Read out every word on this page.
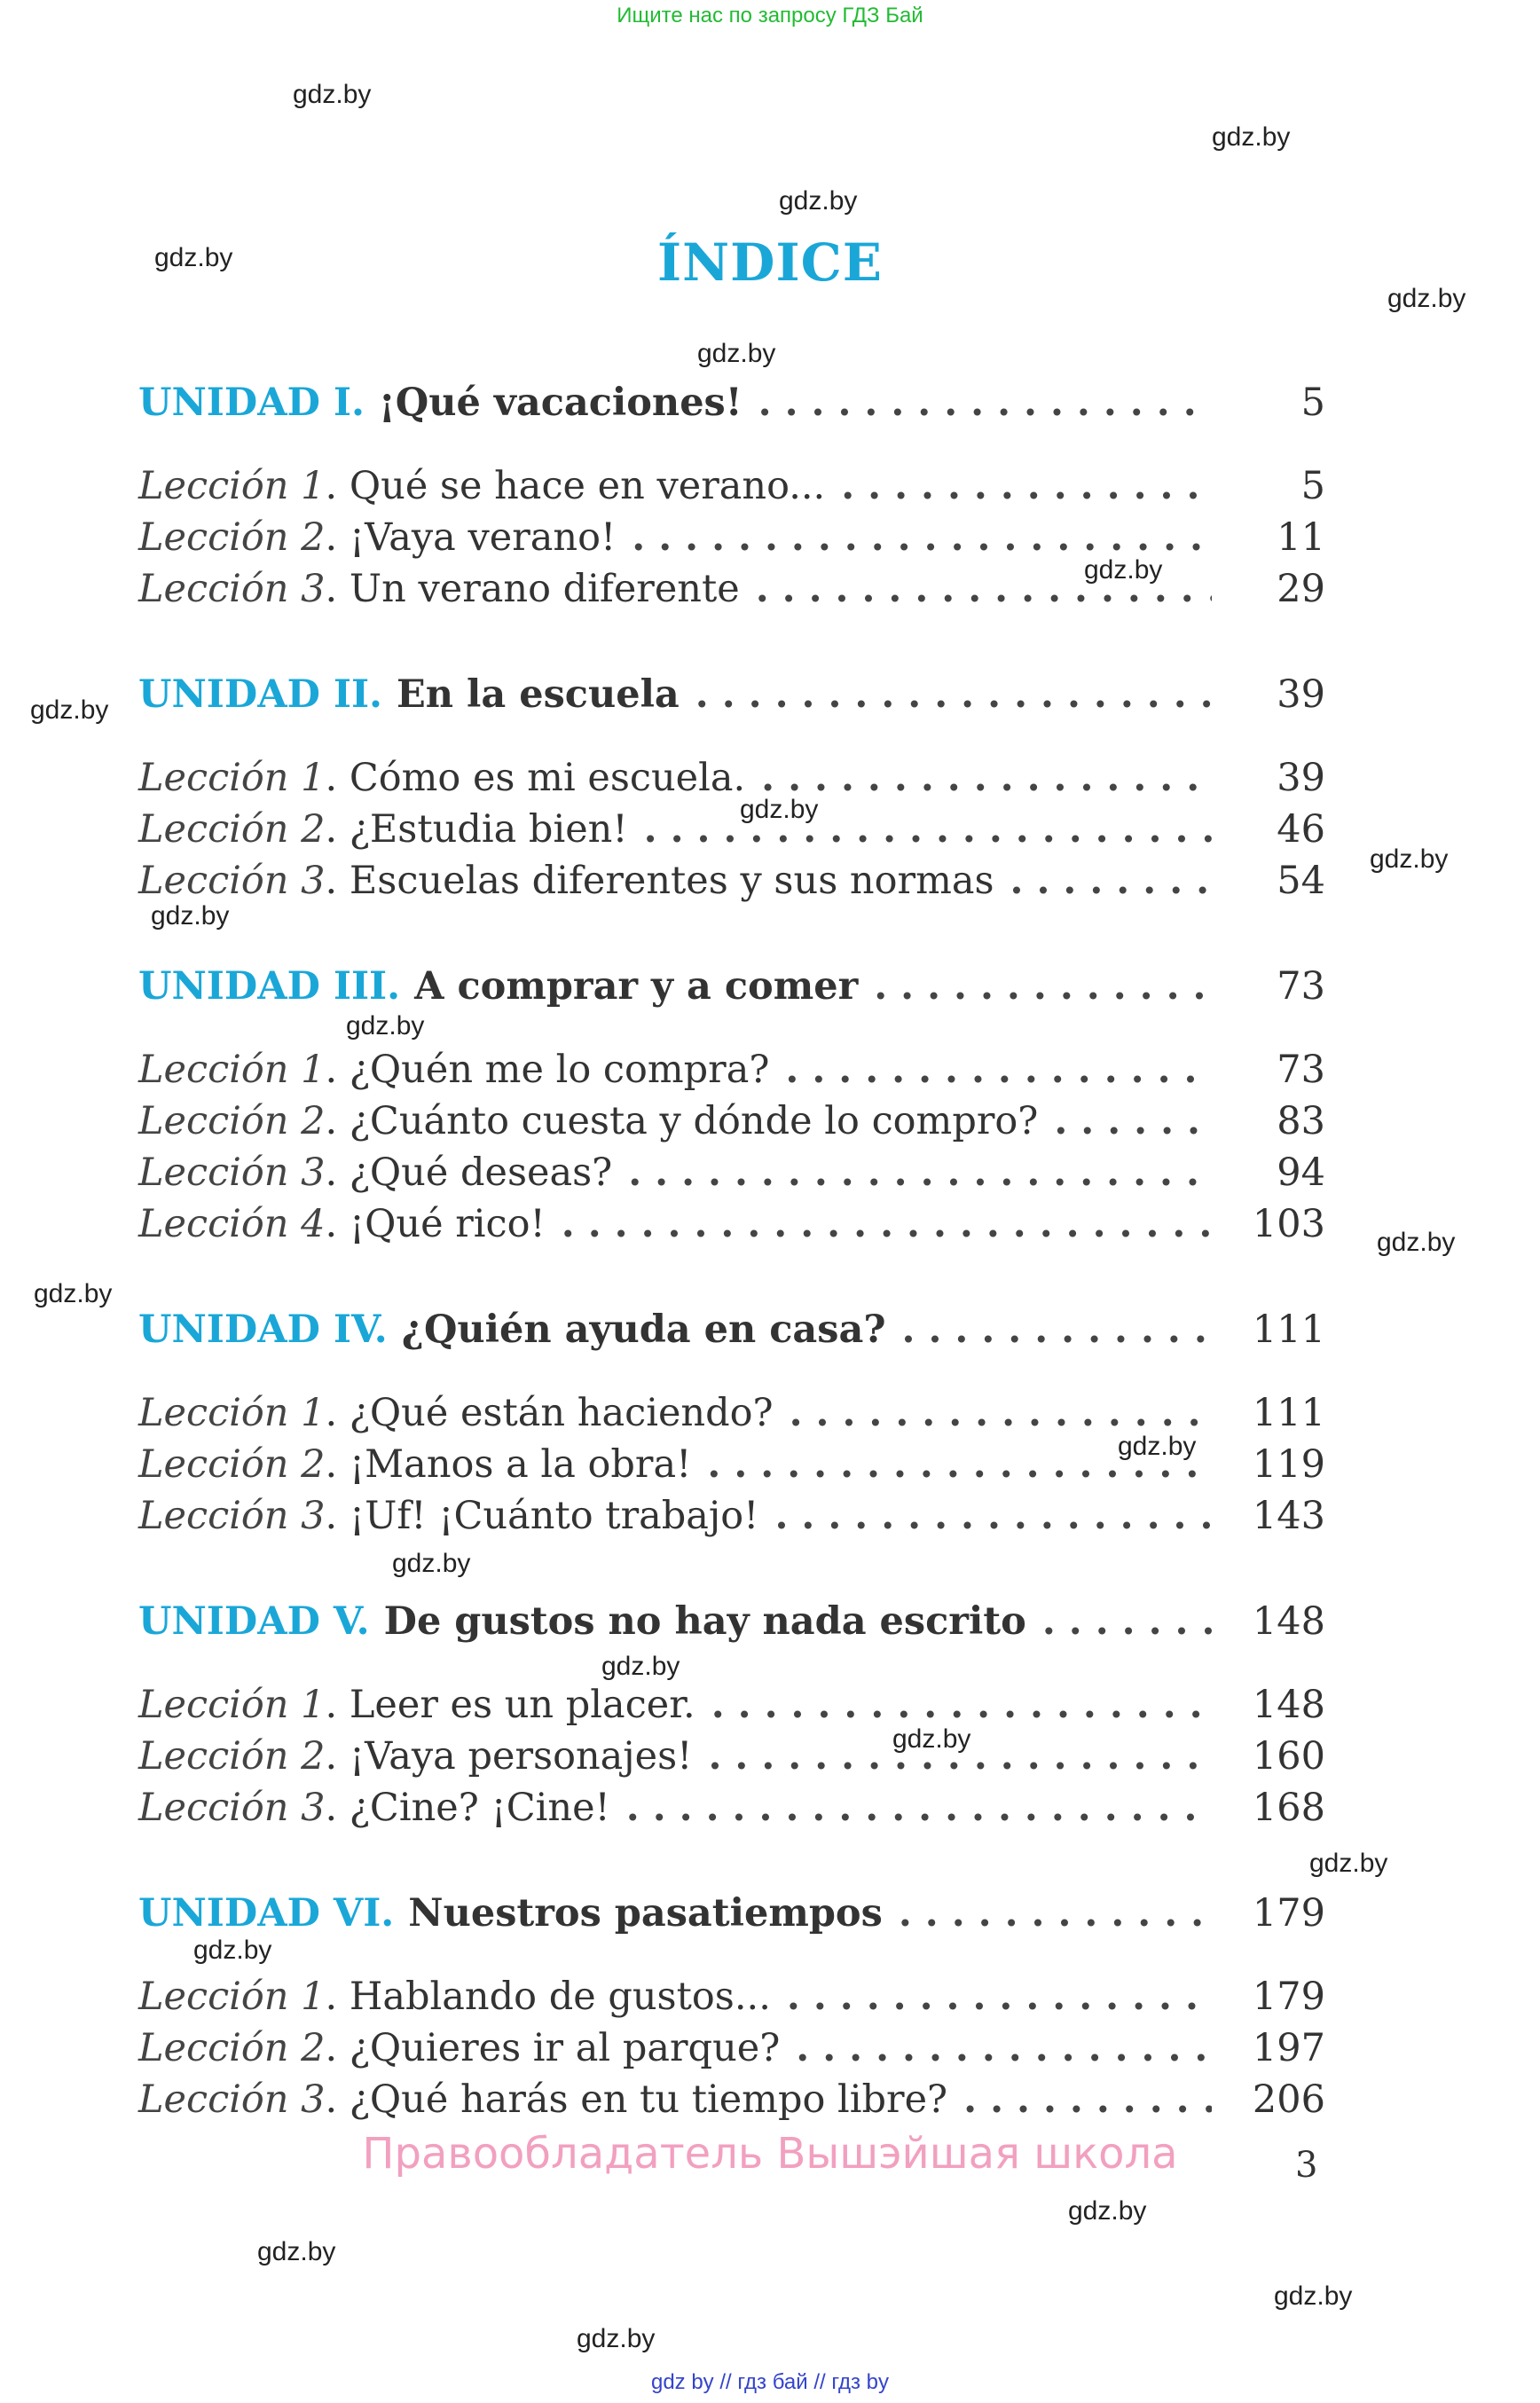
Ищите нас по запросу ГДЗ Бай
ÍNDICE
UNIDAD I. ¡Qué vacaciones! . . .	5
Lección 1 . Qué se hace en verano... . . .	5
Lección 2 . ¡Vaya verano! . . .	11
Lección 3 . Un verano diferente . . .	29
UNIDAD II. En la escuela . . .	39
Lección 1 . Cómo es mi escuela. . . .	39
Lección 2 . ¿Estudia bien! . . .	46
Lección 3 . Escuelas diferentes y sus normas . . .	54
UNIDAD III. A comprar y a comer . . .	73
Lección 1 . ¿Quén me lo compra? . . .	73
Lección 2 . ¿Cuánto cuesta y dónde lo compro? . . .	83
Lección 3 . ¿Qué deseas? . . .	94
Lección 4 . ¡Qué rico! . . .	103
UNIDAD IV. ¿Quién ayuda en casa? . . .	111
Lección 1 . ¿Qué están haciendo? . . .	111
Lección 2 . ¡Manos a la obra! . . .	119
Lección 3 . ¡Uf! ¡Cuánto trabajo! . . .	143
UNIDAD V. De gustos no hay nada escrito . . .	148
Lección 1 . Leer es un placer. . . .	148
Lección 2 . ¡Vaya personajes! . . .	160
Lección 3 . ¿Cine? ¡Cine! . . .	168
UNIDAD VI. Nuestros pasatiempos . . .	179
Lección 1 . Hablando de gustos... . . .	179
Lección 2 . ¿Quieres ir al parque? . . .	197
Lección 3 . ¿Qué harás en tu tiempo libre? . . .	206
gdz.by
gdz.by
gdz.by
gdz.by
gdz.by
gdz.by
gdz.by
gdz.by
gdz.by
gdz.by
gdz.by
gdz.by
gdz.by
gdz.by
gdz.by
gdz.by
gdz.by
gdz.by
gdz.by
gdz.by
gdz.by
gdz.by
gdz.by
gdz.by
Правообладатель Вышэйшая школа	3
gdz by // гдз бай // гдз by
